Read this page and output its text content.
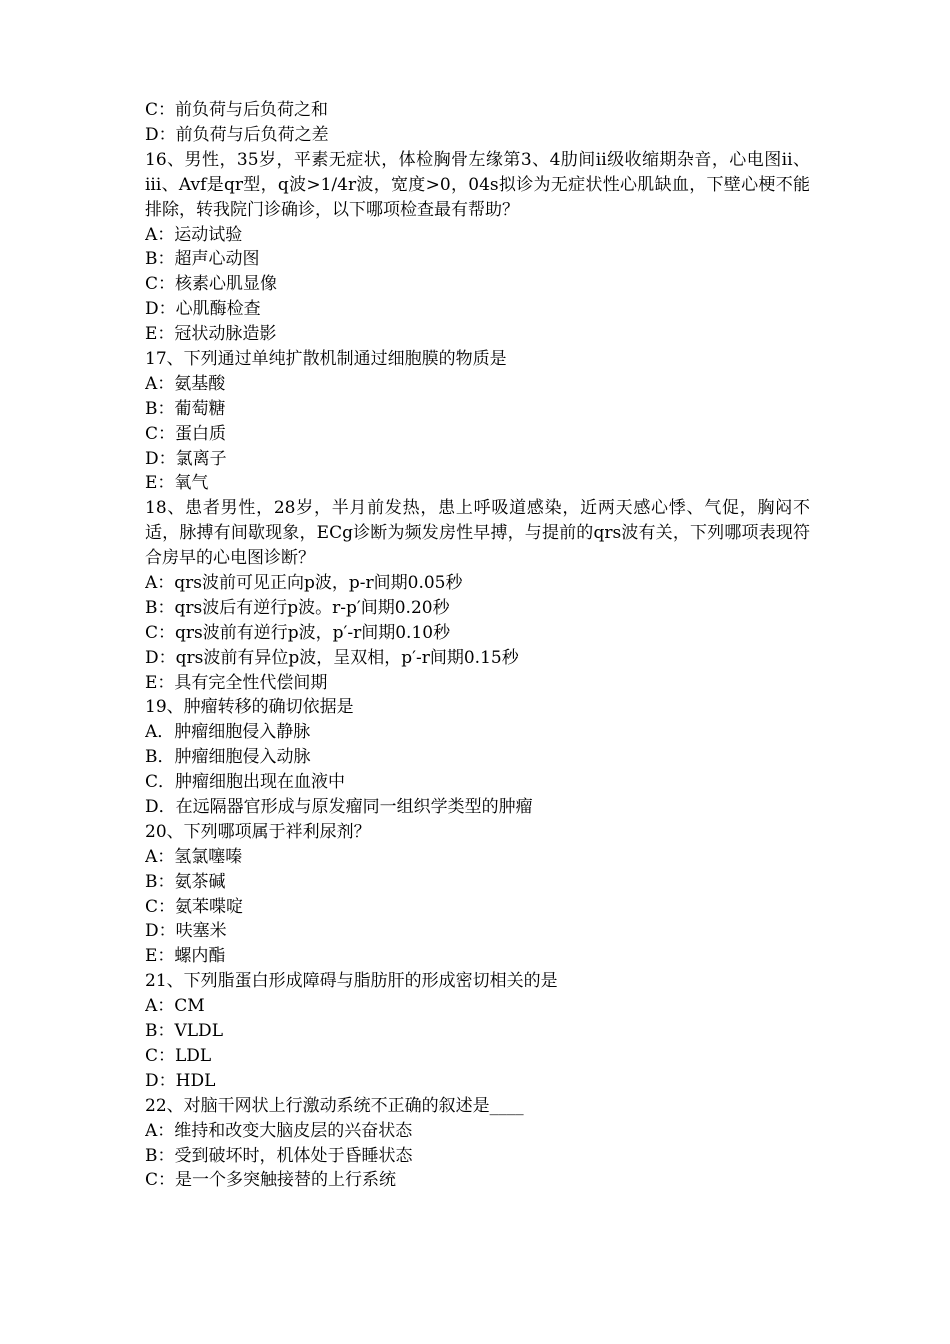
C：前负荷与后负荷之和
D：前负荷与后负荷之差
16、男性，35岁，平素无症状，体检胸骨左缘第3、4肋间ii级收缩期杂音，心电图ii、iii、Avf是qr型，q波>1/4r波，宽度>0，04s拟诊为无症状性心肌缺血，下壁心梗不能排除，转我院门诊确诊，以下哪项检查最有帮助？
A：运动试验
B：超声心动图
C：核素心肌显像
D：心肌酶检查
E：冠状动脉造影
17、下列通过单纯扩散机制通过细胞膜的物质是
A：氨基酸
B：葡萄糖
C：蛋白质
D：氯离子
E：氧气
18、患者男性，28岁，半月前发热，患上呼吸道感染，近两天感心悸、气促，胸闷不适，脉搏有间歇现象，ECg诊断为频发房性早搏，与提前的qrs波有关，下列哪项表现符合房早的心电图诊断？
A：qrs波前可见正向p波，p-r间期0.05秒
B：qrs波后有逆行p波。r-p′间期0.20秒
C：qrs波前有逆行p波，p′-r间期0.10秒
D：qrs波前有异位p波，呈双相，p′-r间期0.15秒
E：具有完全性代偿间期
19、肿瘤转移的确切依据是
A．肿瘤细胞侵入静脉
B．肿瘤细胞侵入动脉
C．肿瘤细胞出现在血液中
D．在远隔器官形成与原发瘤同一组织学类型的肿瘤
20、下列哪项属于袢利尿剂？
A：氢氯噻嗪
B：氨茶碱
C：氨苯喋啶
D：呋塞米
E：螺内酯
21、下列脂蛋白形成障碍与脂肪肝的形成密切相关的是
A：CM
B：VLDL
C：LDL
D：HDL
22、对脑干网状上行激动系统不正确的叙述是____
A：维持和改变大脑皮层的兴奋状态
B：受到破坏时，机体处于昏睡状态
C：是一个多突触接替的上行系统
